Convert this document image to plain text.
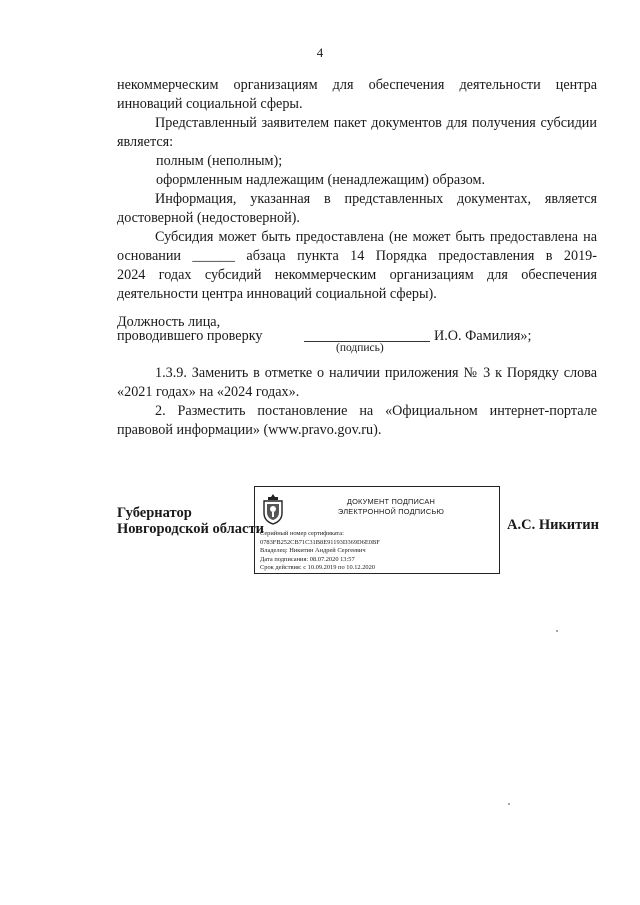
4

некоммерческим организациям для обеспечения деятельности центра

инноваций социальной сферы.

Представленный заявителем пакет документов для получения субсидии

является:

полным (неполным);
оформленным надлежащим (ненадлежащим) образом.

Информация, указанная в представленных документах, является

достоверной (недостоверной).

Субсидия может быть предоставлена (не может быть предоставлена на

основании ______ абзаца пункта 14 Порядка предоставления в 2019-

2024 годах субсидий некоммерческим организациям для обеспечения

деятельности центра инноваций социальной сферы).

Должность лица,
проводившего проверку	И.О. Фамилия»;
(подпись)

1.3.9. Заменить в отметке о наличии приложения № 3 к Порядку слова

«2021 годах» на «2024 годах».

2. Разместить постановление на «Официальном интернет-портале

правовой информации» (www.pravo.gov.ru).

Губернатор
Новгородской области
ДОКУМЕНТ ПОДПИСАН
ЭЛЕКТРОННОЙ ПОДПИСЬЮ
Серийный номер сертификата:
0783FB252CB71C31B8E91193D369D6E0BF
Владелец: Никитин Андрей Сергеевич
Дата подписания: 08.07.2020 13:57
Срок действия: с 10.09.2019 по 10.12.2020
А.С. Никитин
